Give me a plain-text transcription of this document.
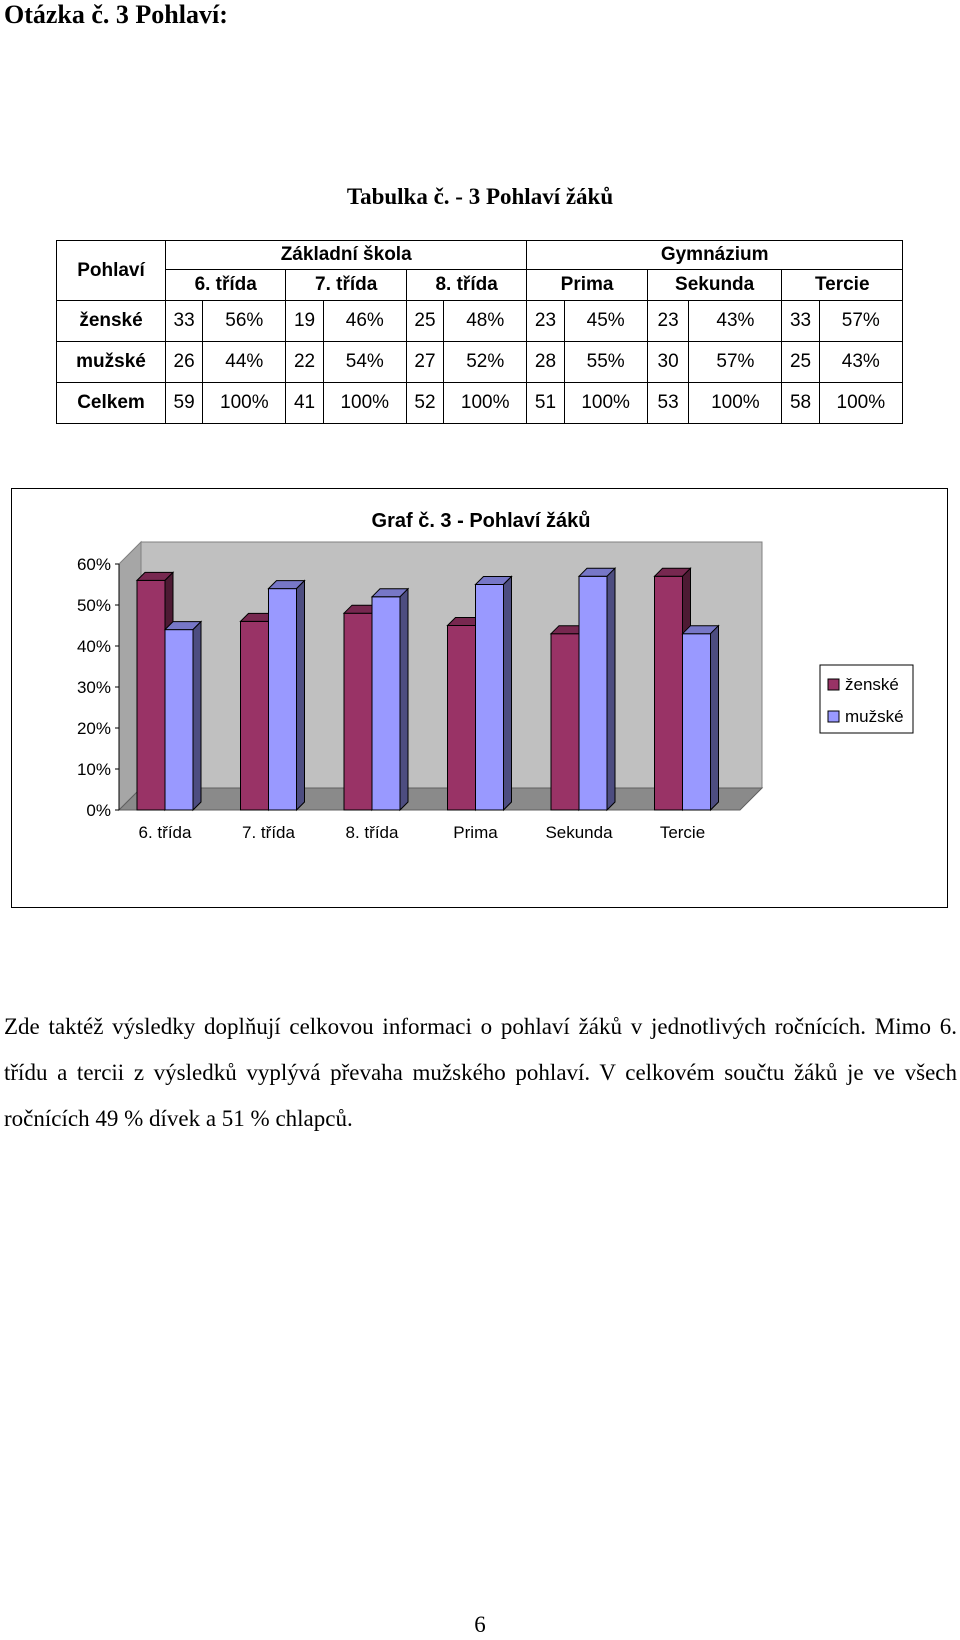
Otázka č. 3 Pohlaví:
Tabulka č. - 3 Pohlaví žáků
Pohlaví	Základní škola						Gymnázium					
	6. třída		7. třída		8. třída		Prima		Sekunda		Tercie	
ženské	33	56%	19	46%	25	48%	23	45%	23	43%	33	57%
mužské	26	44%	22	54%	27	52%	28	55%	30	57%	25	43%
Celkem	59	100%	41	100%	52	100%	51	100%	53	100%	58	100%
Graf č. 3 - Pohlaví žáků
0%
10%
20%
30%
40%
50%
60%
6. třída	7. třída	8. třída	Prima	Sekunda	Tercie
ženské
mužské

Zde taktéž výsledky doplňují celkovou informaci o pohlaví žáků v jednotlivých ročnících. Mimo 6. třídu a tercii z výsledků vyplývá převaha mužského pohlaví. V celkovém součtu žáků je ve všech ročnících 49 % dívek a 51 % chlapců.

6
